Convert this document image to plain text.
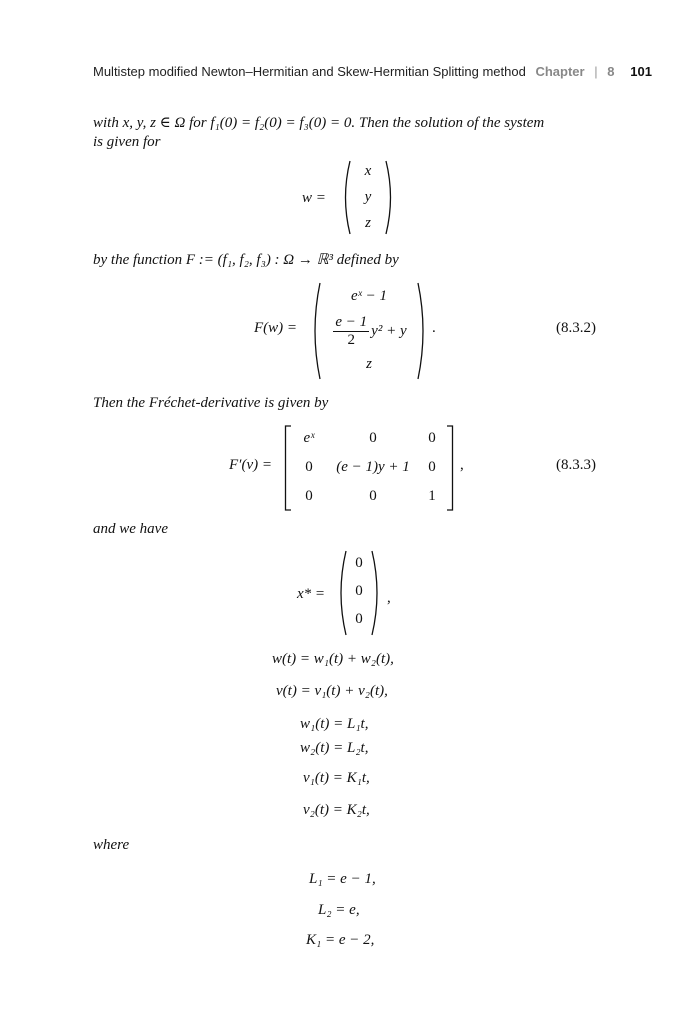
Multistep modified Newton–Hermitian and Skew-Hermitian Splitting method Chapter | 8 101
with x, y, z ∈ Ω for f₁(0) = f₂(0) = f₃(0) = 0. Then the solution of the system
is given for
w =
x
y
z
by the function F := (f₁, f₂, f₃) : Ω → ℝ³ defined by
F(w) =
eˣ − 1
$\frac{e - 1}{2} y^2 + y$
z
.	(8.3.2)
Then the Fréchet-derivative is given by
F′(v) =
eˣ	0	0
0	(e − 1)y + 1	0
0	0	1
,	(8.3.3)
and we have
x* =
0
0
0
,
w(t) = w₁(t) + w₂(t),
v(t) = v₁(t) + v₂(t),
w₁(t) = L₁t,
w₂(t) = L₂t,
v₁(t) = K₁t,
v₂(t) = K₂t,
where
L₁ = e − 1,
L₂ = e,
K₁ = e − 2,
